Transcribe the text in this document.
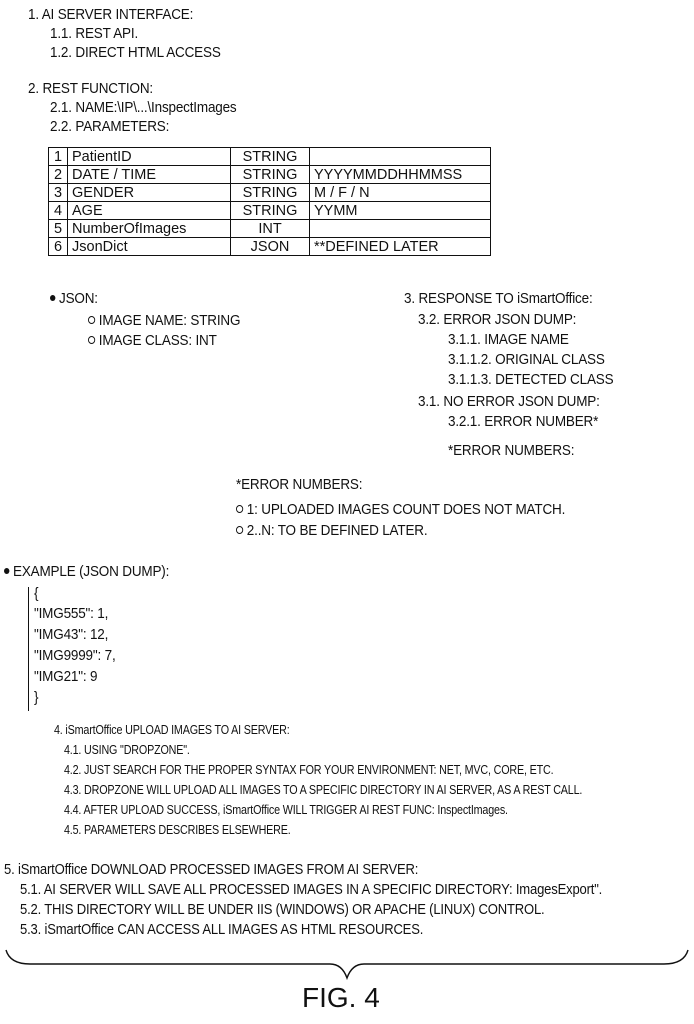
1. AI SERVER INTERFACE:
1.1. REST API.
1.2. DIRECT HTML ACCESS
2. REST FUNCTION:
2.1. NAME:\IP\...\InspectImages
2.2. PARAMETERS:
1	PatientID	STRING	
2	DATE / TIME	STRING	YYYYMMDDHHMMSS
3	GENDER	STRING	M / F / N
4	AGE	STRING	YYMM
5	NumberOfImages	INT	
6	JsonDict	JSON	**DEFINED LATER
JSON:
IMAGE NAME: STRING
IMAGE CLASS: INT
3. RESPONSE TO iSmartOffice:
3.2. ERROR JSON DUMP:
3.1.1. IMAGE NAME
3.1.1.2. ORIGINAL CLASS
3.1.1.3. DETECTED CLASS
3.1. NO ERROR JSON DUMP:
3.2.1. ERROR NUMBER*
*ERROR NUMBERS:
*ERROR NUMBERS:
1: UPLOADED IMAGES COUNT DOES NOT MATCH.
2..N: TO BE DEFINED LATER.
EXAMPLE (JSON DUMP):
{
"IMG555": 1,
"IMG43": 12,
"IMG9999": 7,
"IMG21": 9
}
4. iSmartOffice UPLOAD IMAGES TO AI SERVER:
4.1. USING "DROPZONE".
4.2. JUST SEARCH FOR THE PROPER SYNTAX FOR YOUR ENVIRONMENT: NET, MVC, CORE, ETC.
4.3. DROPZONE WILL UPLOAD ALL IMAGES TO A SPECIFIC DIRECTORY IN AI SERVER, AS A REST CALL.
4.4. AFTER UPLOAD SUCCESS, iSmartOffice WILL TRIGGER AI REST FUNC: InspectImages.
4.5. PARAMETERS DESCRIBES ELSEWHERE.
5. iSmartOffice DOWNLOAD PROCESSED IMAGES FROM AI SERVER:
5.1. AI SERVER WILL SAVE ALL PROCESSED IMAGES IN A SPECIFIC DIRECTORY: ImagesExport".
5.2. THIS DIRECTORY WILL BE UNDER IIS (WINDOWS) OR APACHE (LINUX) CONTROL.
5.3. iSmartOffice CAN ACCESS ALL IMAGES AS HTML RESOURCES.
FIG. 4
